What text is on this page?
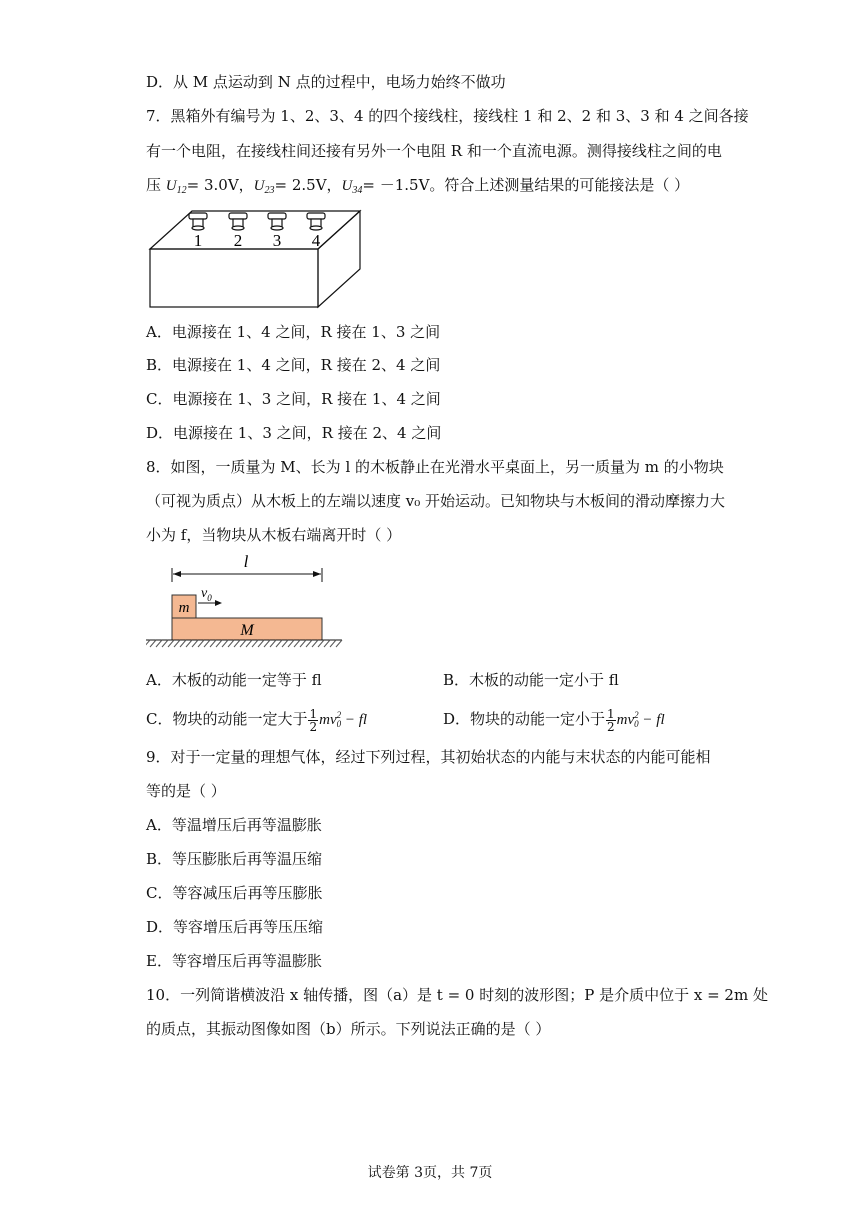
D．从 M 点运动到 N 点的过程中，电场力始终不做功
7．黑箱外有编号为 1、2、3、4 的四个接线柱，接线柱 1 和 2、2 和 3、3 和 4 之间各接
有一个电阻，在接线柱间还接有另外一个电阻 R 和一个直流电源。测得接线柱之间的电
压 $U_{12}= 3.0V$，$U_{23}= 2.5V$，$U_{34}= -1.5V$。符合上述测量结果的可能接法是（ ）
1 2 3 4
A．电源接在 1、4 之间，R 接在 1、3 之间
B．电源接在 1、4 之间，R 接在 2、4 之间
C．电源接在 1、3 之间，R 接在 1、4 之间
D．电源接在 1、3 之间，R 接在 2、4 之间
8．如图，一质量为 M、长为 l 的木板静止在光滑水平桌面上，另一质量为 m 的小物块
（可视为质点）从木板上的左端以速度 v₀ 开始运动。已知物块与木板间的滑动摩擦力大
小为 f，当物块从木板右端离开时（ ）
l
m
$v_0$
M
A．木板的动能一定等于 fl	B．木板的动能一定小于 fl
C．物块的动能一定大于 $\frac{1}{2}$ mv 2
0 − fl	D．物块的动能一定小于 $\frac{1}{2}$ mv 2
0 − fl
9．对于一定量的理想气体，经过下列过程，其初始状态的内能与末状态的内能可能相
等的是（ ）
A．等温增压后再等温膨胀
B．等压膨胀后再等温压缩
C．等容减压后再等压膨胀
D．等容增压后再等压压缩
E．等容增压后再等温膨胀
10．一列简谐横波沿 x 轴传播，图（a）是 t = 0 时刻的波形图；P 是介质中位于 x = 2m 处
的质点，其振动图像如图（b）所示。下列说法正确的是（ ）
试卷第 3页，共 7页
